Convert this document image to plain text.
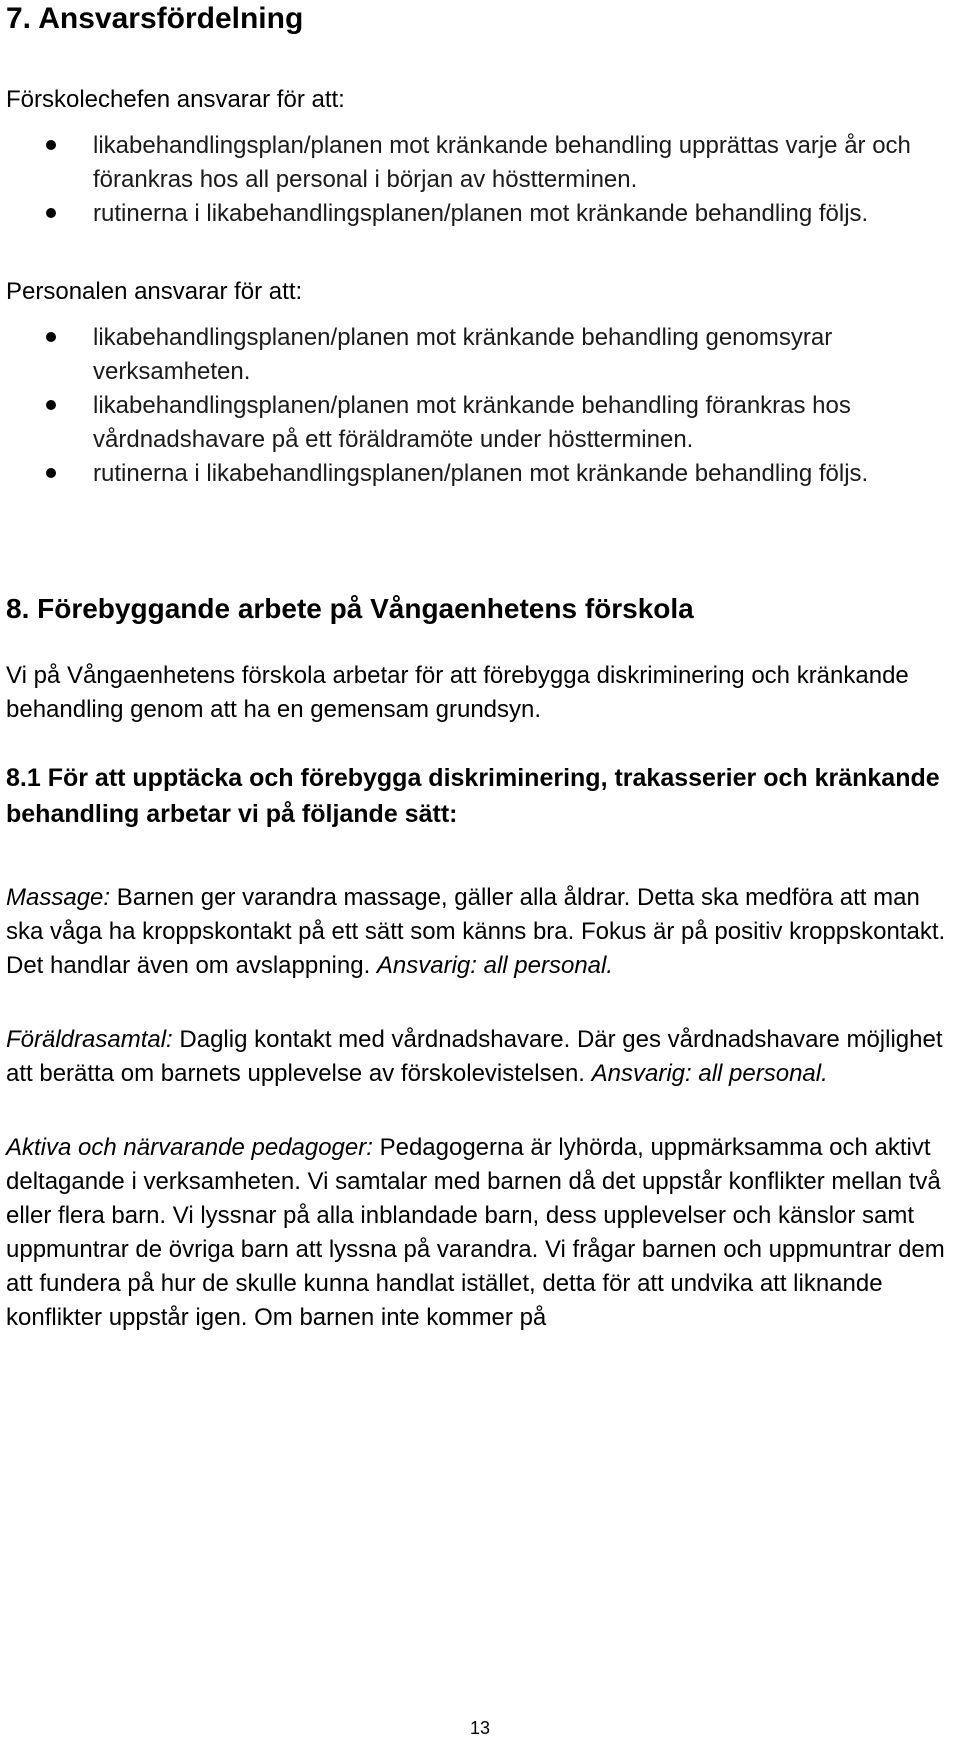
7. Ansvarsfördelning
Förskolechefen ansvarar för att:
likabehandlingsplan/planen mot kränkande behandling upprättas varje år och förankras hos all personal i början av höstterminen.
rutinerna i likabehandlingsplanen/planen mot kränkande behandling följs.
Personalen ansvarar för att:
likabehandlingsplanen/planen mot kränkande behandling genomsyrar verksamheten.
likabehandlingsplanen/planen mot kränkande behandling förankras hos vårdnadshavare på ett föräldramöte under höstterminen.
rutinerna i likabehandlingsplanen/planen mot kränkande behandling följs.
8. Förebyggande arbete på Vångaenhetens förskola

Vi på Vångaenhetens förskola arbetar för att förebygga diskriminering och kränkande behandling genom att ha en gemensam grundsyn.

8.1 För att upptäcka och förebygga diskriminering, trakasserier och kränkande behandling arbetar vi på följande sätt:

Massage: Barnen ger varandra massage, gäller alla åldrar. Detta ska medföra att man ska våga ha kroppskontakt på ett sätt som känns bra. Fokus är på positiv kroppskontakt. Det handlar även om avslappning. Ansvarig: all personal.

Föräldrasamtal: Daglig kontakt med vårdnadshavare. Där ges vårdnadshavare möjlighet att berätta om barnets upplevelse av förskolevistelsen. Ansvarig: all personal.

Aktiva och närvarande pedagoger: Pedagogerna är lyhörda, uppmärksamma och aktivt deltagande i verksamheten. Vi samtalar med barnen då det uppstår konflikter mellan två eller flera barn. Vi lyssnar på alla inblandade barn, dess upplevelser och känslor samt uppmuntrar de övriga barn att lyssna på varandra. Vi frågar barnen och uppmuntrar dem att fundera på hur de skulle kunna handlat istället, detta för att undvika att liknande konflikter uppstår igen. Om barnen inte kommer på

13
